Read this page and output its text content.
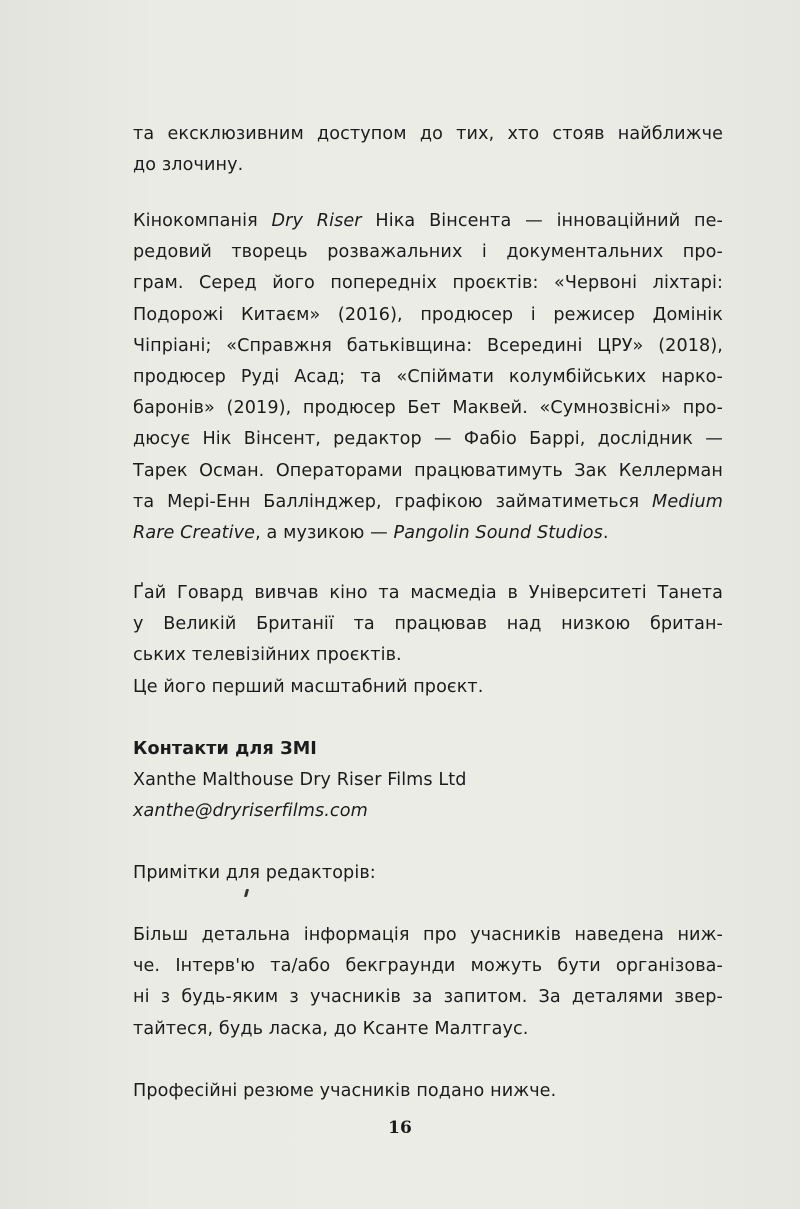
та ексклюзивним доступом до тих, хто стояв найближче
до злочину.
Кінокомпанія Dry Riser Ніка Вінсента — інноваційний пе-
редовий творець розважальних і документальних про-
грам. Серед його попередніх проєктів: «Червоні ліхтарі:
Подорожі Китаєм» (2016), продюсер і режисер Домінік
Чіпріані; «Справжня батьківщина: Всередині ЦРУ» (2018),
продюсер Руді Асад; та «Спіймати колумбійських нарко-
баронів» (2019), продюсер Бет Маквей. «Сумнозвісні» про-
дюсує Нік Вінсент, редактор — Фабіо Баррі, дослідник —
Тарек Осман. Операторами працюватимуть Зак Келлерман
та Мері-Енн Баллінджер, графікою займатиметься Medium
Rare Creative, а музикою — Pangolin Sound Studios.
Ґай Говард вивчав кіно та масмедіа в Університеті Танета
у Великій Британії та працював над низкою британ-
ських телевізійних проєктів.
Це його перший масштабний проєкт.
Контакти для ЗМІ
Xanthe Malthouse Dry Riser Films Ltd
xanthe@dryriserfilms.com
Примітки для редакторів:
Більш детальна інформація про учасників наведена ниж-
че. Інтерв'ю та/або бекграунди можуть бути організова-
ні з будь-яким з учасників за запитом. За деталями звер-
тайтеся, будь ласка, до Ксанте Малтгаус.
Професійні резюме учасників подано нижче.
16
